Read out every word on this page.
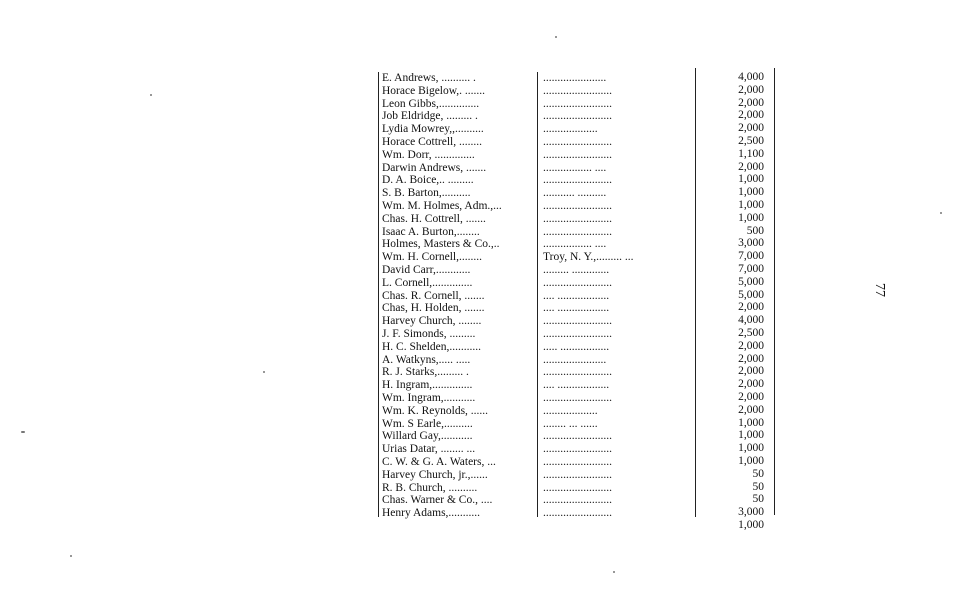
E. Andrews, .......... .	......................	4,000
Horace Bigelow,. .......	........................	2,000
Leon Gibbs,..............	........................	2,000
Job Eldridge, ......... .	........................	2,000
Lydia Mowrey,,..........	...................	2,000
Horace Cottrell, ........	........................	2,500
Wm. Dorr, ..............	........................	1,100
Darwin Andrews, .......	................. ....	2,000
D. A. Boice,.. .........	........................	1,000
S. B. Barton,..........	........... ..........	1,000
Wm. M. Holmes, Adm.,...	........................	1,000
Chas. H. Cottrell, .......	........................	1,000
Isaac A. Burton,........	........................	500
Holmes, Masters & Co.,..	................. ....	3,000
Wm. H. Cornell,........	Troy, N. Y.,......... ...	7,000
David Carr,............	......... .............	7,000
L. Cornell,..............	........................	5,000
Chas. R. Cornell, .......	.... ..................	5,000
Chas, H. Holden, .......	.... ..................	2,000
Harvey Church, ........	........................	4,000
J. F. Simonds, .........	........................	2,500
H. C. Shelden,...........	..... .................	2,000
A. Watkyns,..... .....	......................	2,000
R. J. Starks,......... .	........................	2,000
H. Ingram,..............	.... ..................	2,000
Wm. Ingram,...........	........................	2,000
Wm. K. Reynolds, ......	...................	2,000
Wm. S Earle,..........	........ ... ......	1,000
Willard Gay,...........	........................	1,000
Urias Datar, ........ ...	........................	1,000
C. W. & G. A. Waters, ...	........................	1,000
Harvey Church, jr.,......	........................	50
R. B. Church, ..........	........................	50
Chas. Warner & Co., ....	........................	50
Henry Adams,...........	........................	3,000
1,000
77
